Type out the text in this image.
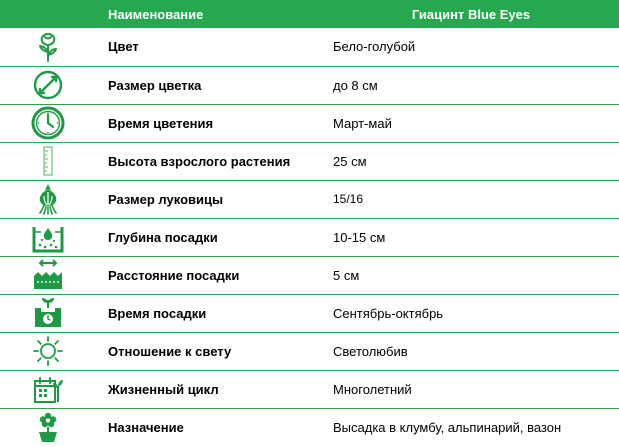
	Наименование	Гиацинт Blue Eyes

	Цвет	Бело-голубой

	Размер цветка	до 8 см

	Время цветения	Март-май

	Высота взрослого растения	25 см

	Размер луковицы	15/16

	Глубина посадки	10-15 см

	Расстояние посадки	5 см

	Время посадки	Сентябрь-октябрь

	Отношение к свету	Светолюбив

	Жизненный цикл	Многолетний

	Назначение	Высадка в клумбу, альпинарий, вазон
